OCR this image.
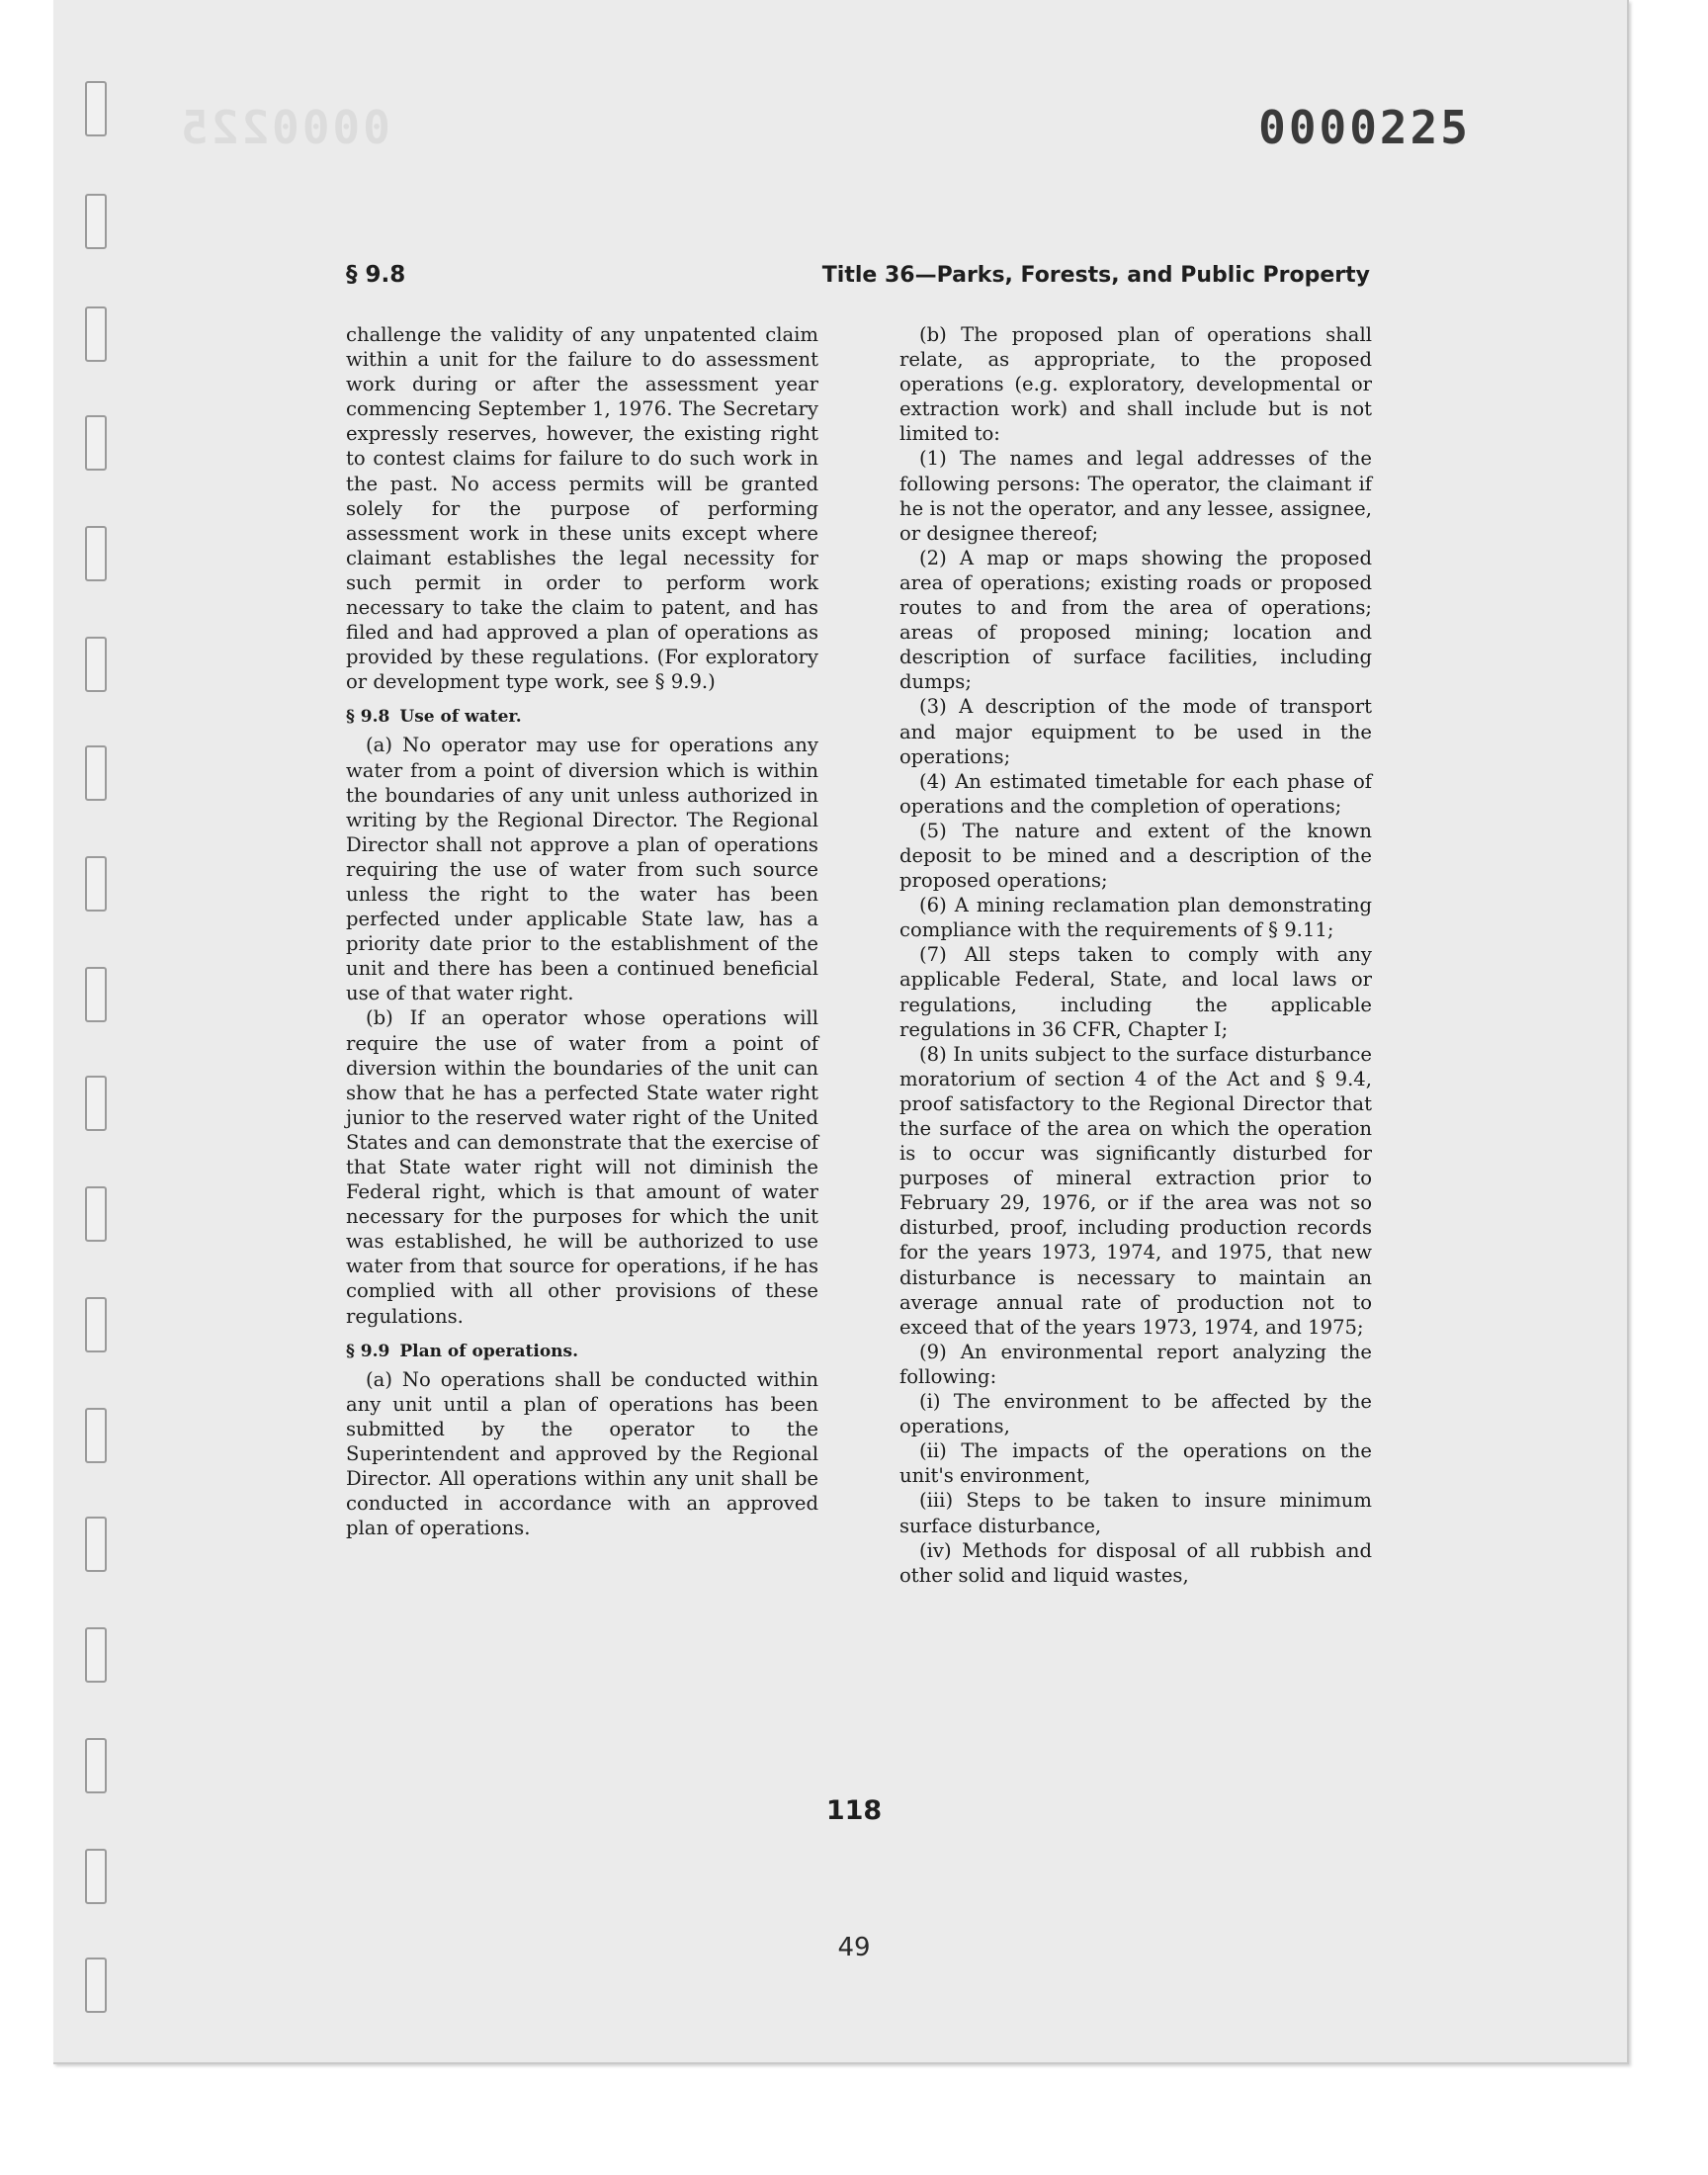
0000225	0000225
§ 9.8	Title 36—Parks, Forests, and Public Property

challenge the validity of any unpatented claim within a unit for the failure to do assessment work during or after the assessment year commencing September 1, 1976. The Secretary expressly reserves, however, the existing right to contest claims for failure to do such work in the past. No access permits will be granted solely for the purpose of performing assessment work in these units except where claimant establishes the legal necessity for such permit in order to perform work necessary to take the claim to patent, and has filed and had approved a plan of operations as provided by these regulations. (For exploratory or development type work, see § 9.9.)

§ 9.8 Use of water.

(a) No operator may use for operations any water from a point of diversion which is within the boundaries of any unit unless authorized in writing by the Regional Director. The Regional Director shall not approve a plan of operations requiring the use of water from such source unless the right to the water has been perfected under applicable State law, has a priority date prior to the establishment of the unit and there has been a continued beneficial use of that water right.

(b) If an operator whose operations will require the use of water from a point of diversion within the boundaries of the unit can show that he has a perfected State water right junior to the reserved water right of the United States and can demonstrate that the exercise of that State water right will not diminish the Federal right, which is that amount of water necessary for the purposes for which the unit was established, he will be authorized to use water from that source for operations, if he has complied with all other provisions of these regulations.

§ 9.9 Plan of operations.

(a) No operations shall be conducted within any unit until a plan of operations has been submitted by the operator to the Superintendent and approved by the Regional Director. All operations within any unit shall be conducted in accordance with an approved plan of operations.

(b) The proposed plan of operations shall relate, as appropriate, to the proposed operations (e.g. exploratory, developmental or extraction work) and shall include but is not limited to:

(1) The names and legal addresses of the following persons: The operator, the claimant if he is not the operator, and any lessee, assignee, or designee thereof;

(2) A map or maps showing the proposed area of operations; existing roads or proposed routes to and from the area of operations; areas of proposed mining; location and description of surface facilities, including dumps;

(3) A description of the mode of transport and major equipment to be used in the operations;

(4) An estimated timetable for each phase of operations and the completion of operations;

(5) The nature and extent of the known deposit to be mined and a description of the proposed operations;

(6) A mining reclamation plan demonstrating compliance with the requirements of § 9.11;

(7) All steps taken to comply with any applicable Federal, State, and local laws or regulations, including the applicable regulations in 36 CFR, Chapter I;

(8) In units subject to the surface disturbance moratorium of section 4 of the Act and § 9.4, proof satisfactory to the Regional Director that the surface of the area on which the operation is to occur was significantly disturbed for purposes of mineral extraction prior to February 29, 1976, or if the area was not so disturbed, proof, including production records for the years 1973, 1974, and 1975, that new disturbance is necessary to maintain an average annual rate of production not to exceed that of the years 1973, 1974, and 1975;

(9) An environmental report analyzing the following:

(i) The environment to be affected by the operations,

(ii) The impacts of the operations on the unit's environment,

(iii) Steps to be taken to insure minimum surface disturbance,

(iv) Methods for disposal of all rubbish and other solid and liquid wastes,

118
49
